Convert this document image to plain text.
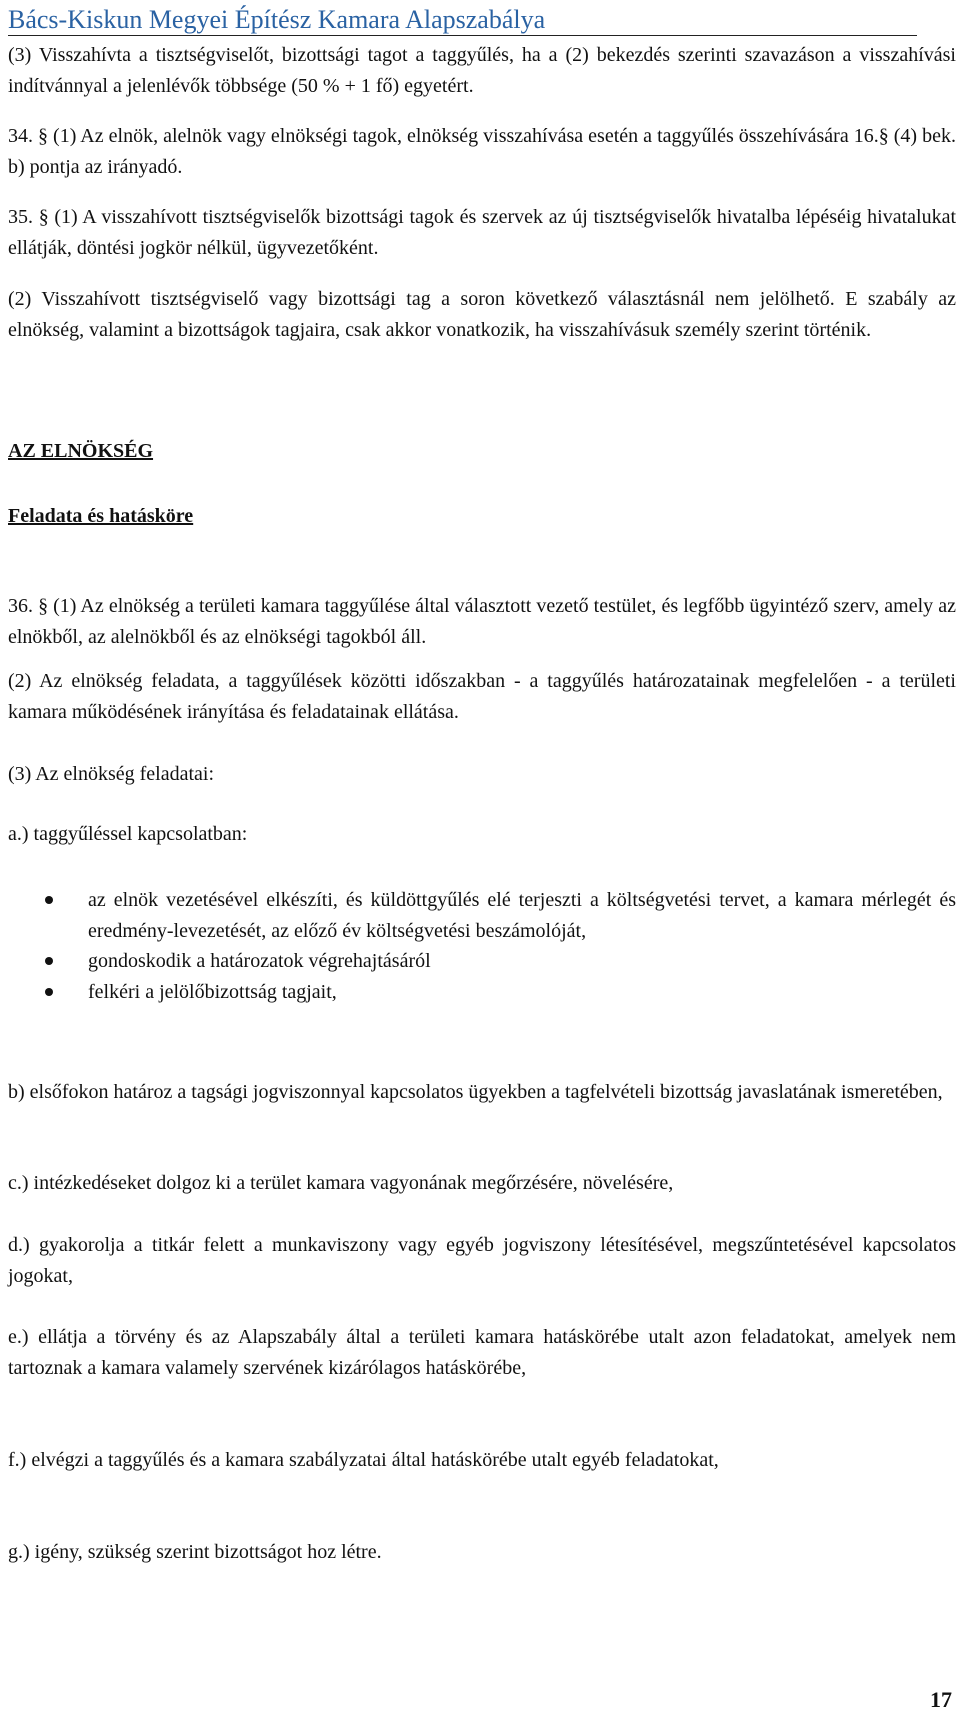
Bács-Kiskun Megyei Építész Kamara Alapszabálya
(3) Visszahívta a tisztségviselőt, bizottsági tagot a taggyűlés, ha a (2) bekezdés szerinti szavazáson a visszahívási indítvánnyal a jelenlévők többsége (50 % + 1 fő) egyetért.
34. § (1) Az elnök, alelnök vagy elnökségi tagok, elnökség visszahívása esetén a taggyűlés összehívására 16.§ (4) bek. b) pontja az irányadó.
35. § (1) A visszahívott tisztségviselők bizottsági tagok és szervek az új tisztségviselők hivatalba lépéséig hivatalukat ellátják, döntési jogkör nélkül, ügyvezetőként.
(2) Visszahívott tisztségviselő vagy bizottsági tag a soron következő választásnál nem jelölhető. E szabály az elnökség, valamint a bizottságok tagjaira, csak akkor vonatkozik, ha visszahívásuk személy szerint történik.
AZ ELNÖKSÉG
Feladata és hatásköre
36. § (1) Az elnökség a területi kamara taggyűlése által választott vezető testület, és legfőbb ügyintéző szerv, amely az elnökből, az alelnökből és az elnökségi tagokból áll.
(2) Az elnökség feladata, a taggyűlések közötti időszakban - a taggyűlés határozatainak megfelelően - a területi kamara működésének irányítása és feladatainak ellátása.
(3) Az elnökség feladatai:
a.) taggyűléssel kapcsolatban:
az elnök vezetésével elkészíti, és küldöttgyűlés elé terjeszti a költségvetési tervet, a kamara mérlegét és eredmény-levezetését, az előző év költségvetési beszámolóját,
gondoskodik a határozatok végrehajtásáról
felkéri a jelölőbizottság tagjait,
b) elsőfokon határoz a tagsági jogviszonnyal kapcsolatos ügyekben a tagfelvételi bizottság javaslatának ismeretében,
c.) intézkedéseket dolgoz ki a terület kamara vagyonának megőrzésére, növelésére,
d.) gyakorolja a titkár felett a munkaviszony vagy egyéb jogviszony létesítésével, megszűntetésével kapcsolatos jogokat,
e.) ellátja a törvény és az Alapszabály által a területi kamara hatáskörébe utalt azon feladatokat, amelyek nem tartoznak a kamara valamely szervének kizárólagos hatáskörébe,
f.) elvégzi a taggyűlés és a kamara szabályzatai által hatáskörébe utalt egyéb feladatokat,
g.) igény, szükség szerint bizottságot hoz létre.
17
